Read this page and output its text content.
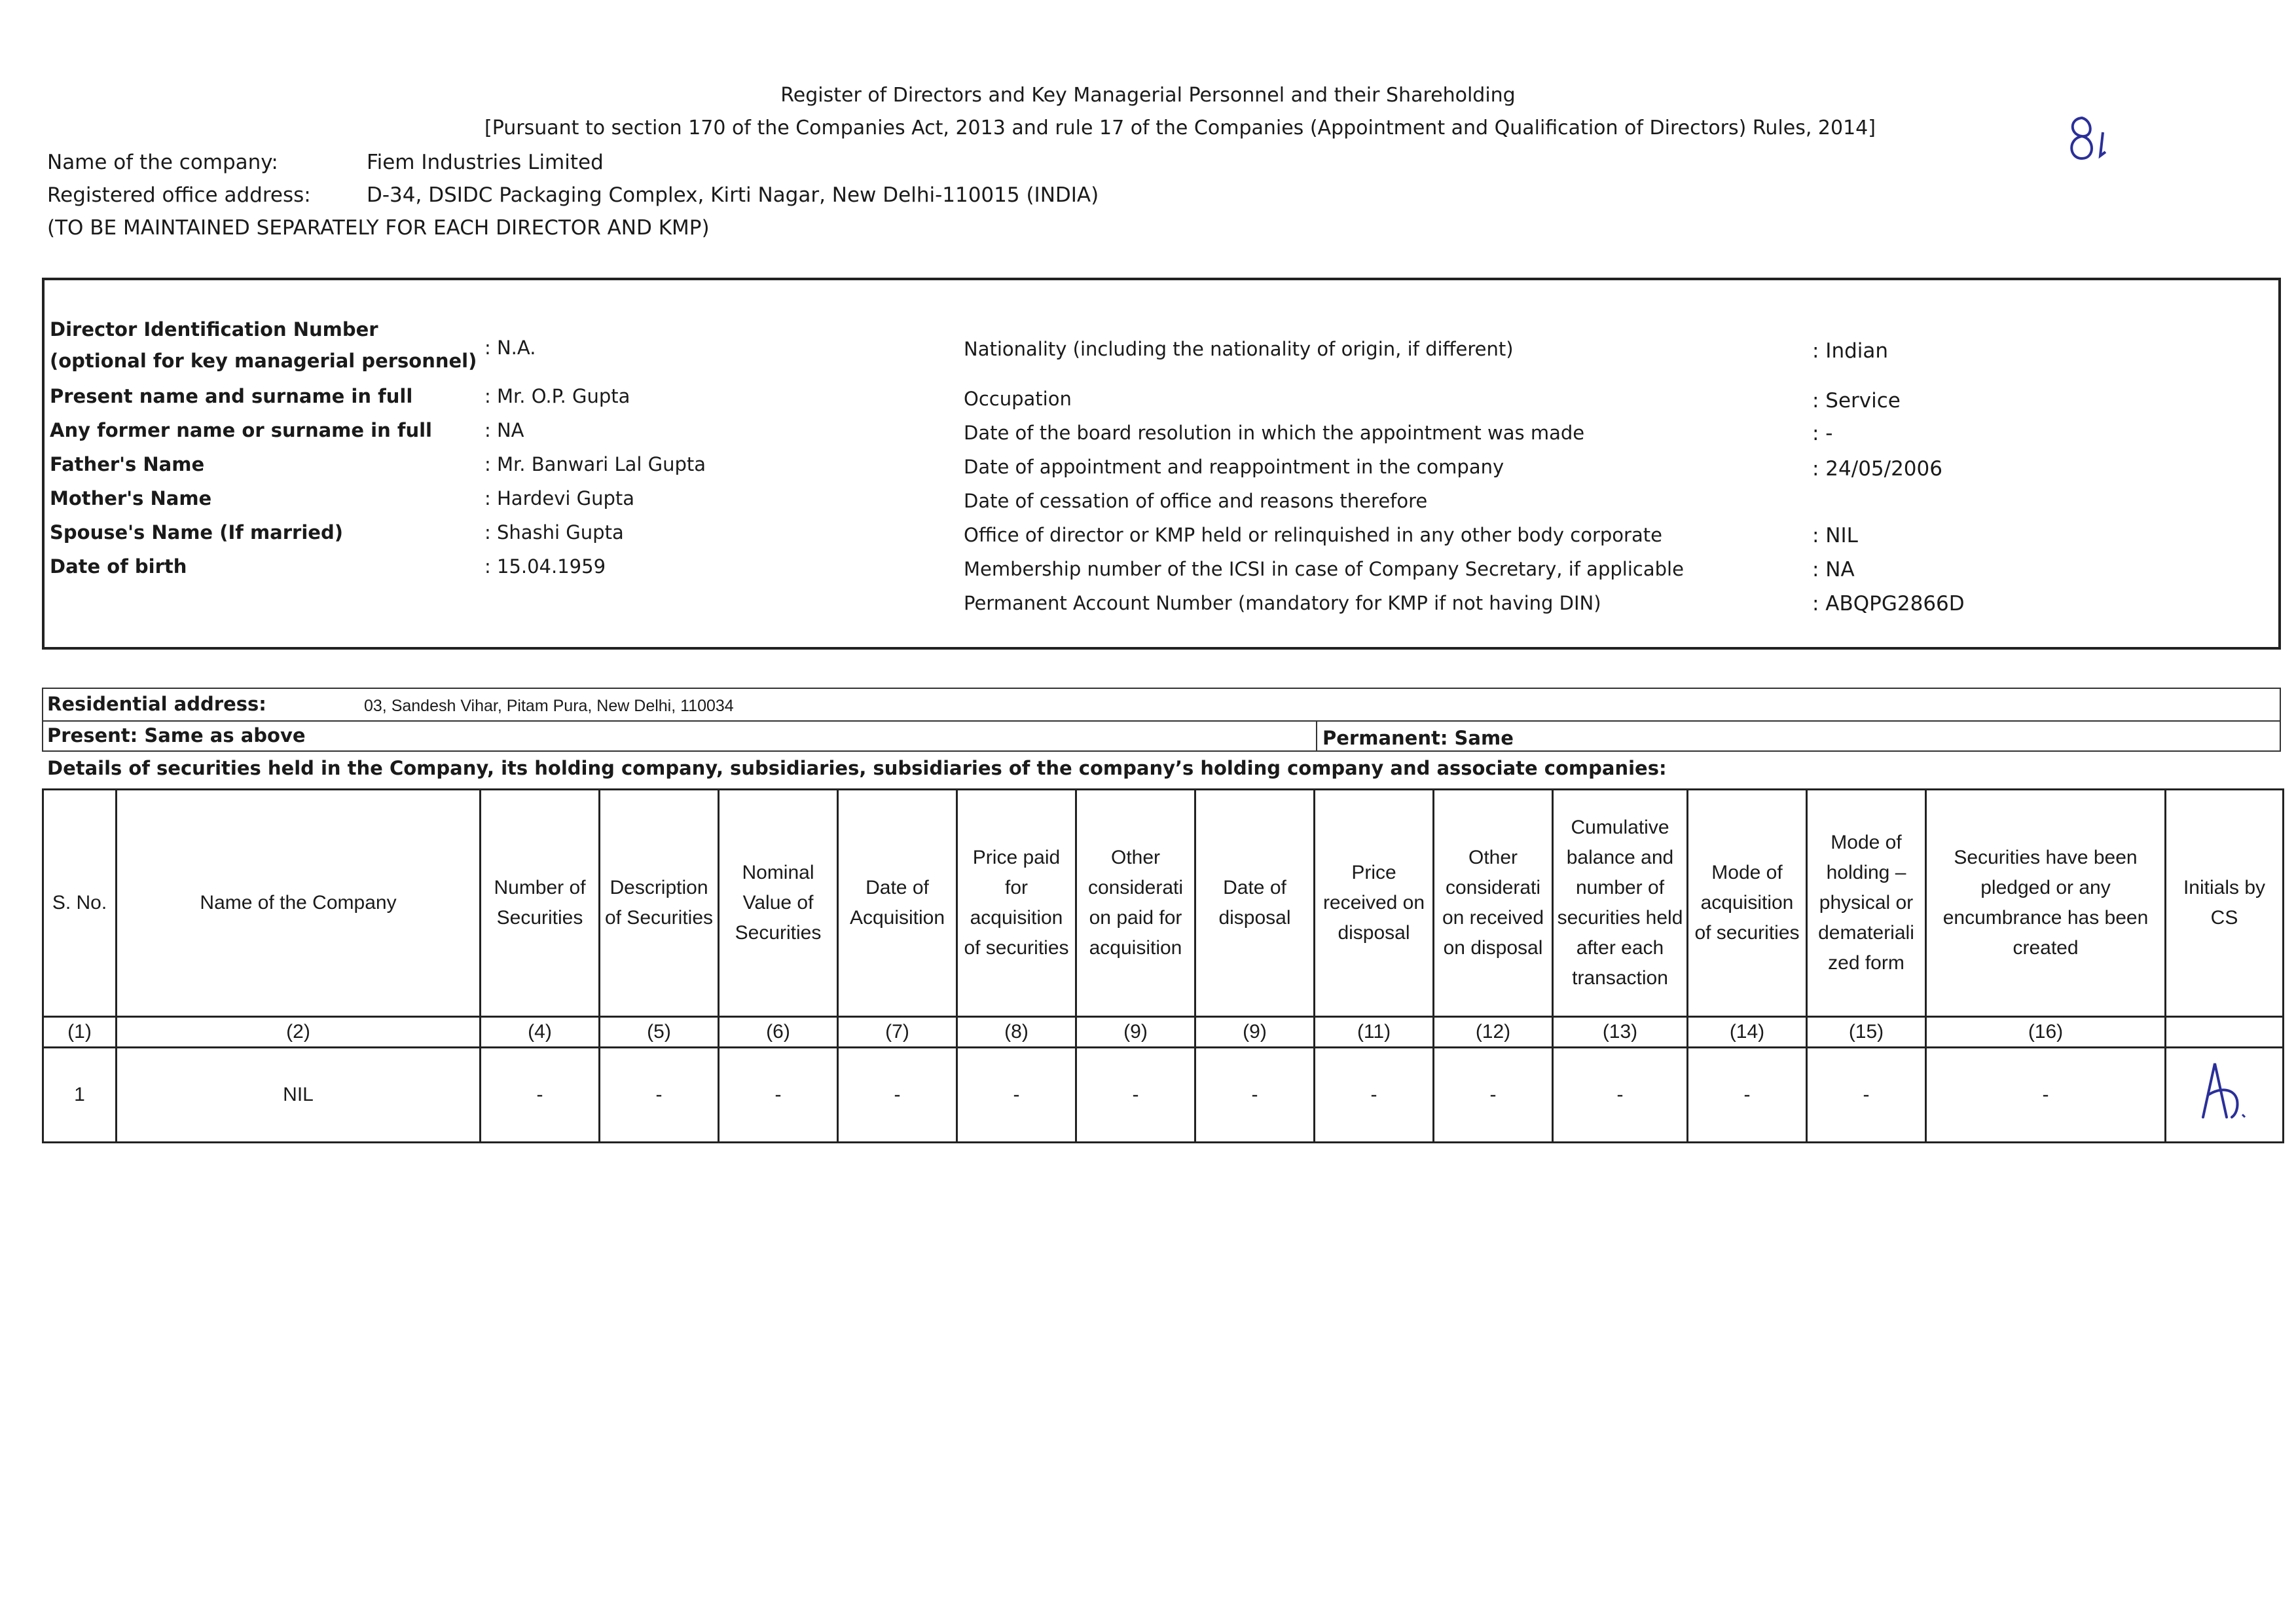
Register of Directors and Key Managerial Personnel and their Shareholding
[Pursuant to section 170 of the Companies Act, 2013 and rule 17 of the Companies (Appointment and Qualification of Directors) Rules, 2014]
Name of the company:	Fiem Industries Limited
Registered office address:	D-34, DSIDC Packaging Complex, Kirti Nagar, New Delhi-110015 (INDIA)
(TO BE MAINTAINED SEPARATELY FOR EACH DIRECTOR AND KMP)
Director Identification Number
(optional for key managerial personnel)
: N.A.
Present name and surname in full	: Mr. O.P. Gupta
Any former name or surname in full	: NA
Father's Name	: Mr. Banwari Lal Gupta
Mother's Name	: Hardevi Gupta
Spouse's Name (If married)	: Shashi Gupta
Date of birth	: 15.04.1959
Nationality (including the nationality of origin, if different)	: Indian
Occupation	: Service
Date of the board resolution in which the appointment was made	: -
Date of appointment and reappointment in the company	: 24/05/2006
Date of cessation of office and reasons therefore
Office of director or KMP held or relinquished in any other body corporate	: NIL
Membership number of the ICSI in case of Company Secretary, if applicable	: NA
Permanent Account Number (mandatory for KMP if not having DIN)	: ABQPG2866D
Residential address:	03, Sandesh Vihar, Pitam Pura, New Delhi, 110034
Present: Same as above	Permanent: Same
Details of securities held in the Company, its holding company, subsidiaries, subsidiaries of the company’s holding company and associate companies:
S. No.	Name of the Company	Number of Securities	Description of Securities	Nominal Value of Securities	Date of Acquisition	Price paid for acquisition of securities	Other considerati on paid for acquisition	Date of disposal	Price received on disposal	Other considerati on received on disposal	Cumulative balance and number of securities held after each transaction	Mode of acquisition of securities	Mode of holding – physical or demateriali zed form	Securities have been pledged or any encumbrance has been created	Initials by CS
(1)	(2)	(4)	(5)	(6)	(7)	(8)	(9)	(9)	(11)	(12)	(13)	(14)	(15)	(16)	
1	NIL	-	-	-	-	-	-	-	-	-	-	-	-	-	
